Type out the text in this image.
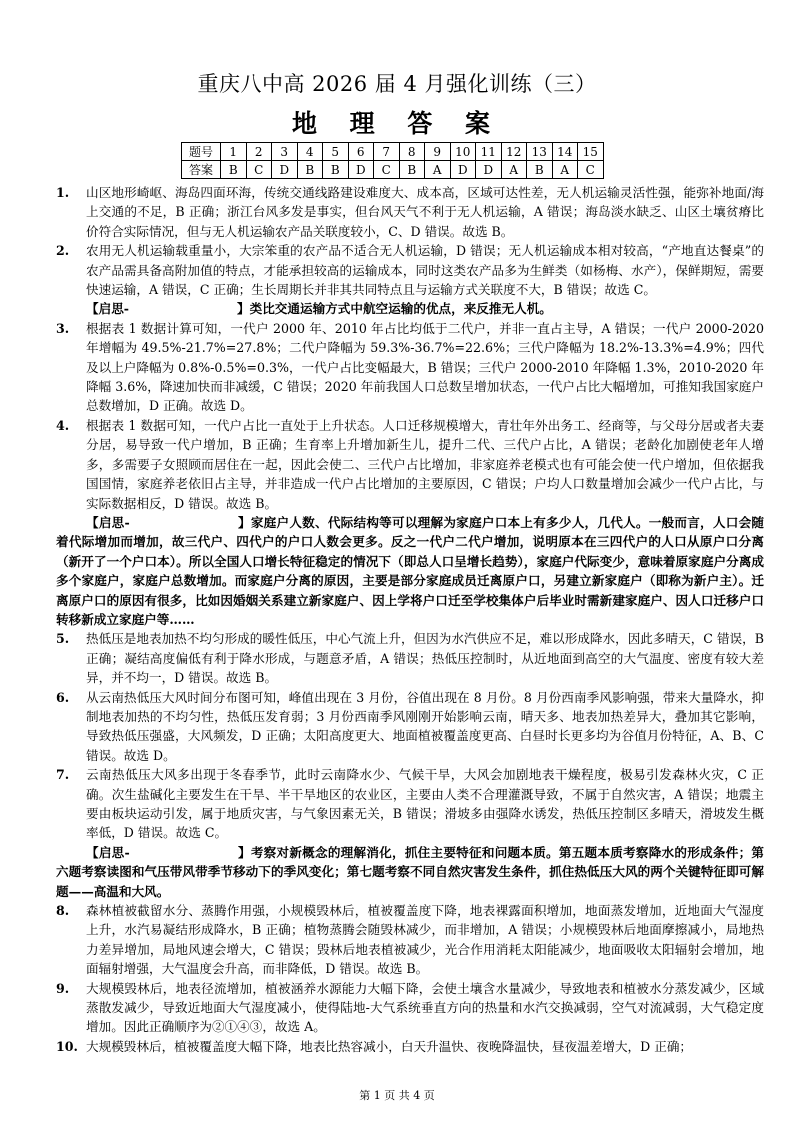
重庆八中高 2026 届 4 月强化训练（三）
地 理 答 案
题号	1	2	3	4	5	6	7	8	9	10	11	12	13	14	15
答案	B	C	D	B	B	D	C	B	A	D	D	A	B	A	C
1. 山区地形崎岖、海岛四面环海，传统交通线路建设难度大、成本高，区域可达性差，无人机运输灵活性强，能弥补地面/海上交通的不足，B 正确；浙江台风多发是事实，但台风天气不利于无人机运输，A 错误；海岛淡水缺乏、山区土壤贫瘠比价符合实际情况，但与无人机运输农产品关联度较小，C、D 错误。故选 B。
2. 农用无人机运输载重量小，大宗笨重的农产品不适合无人机运输，D 错误；无人机运输成本相对较高，“产地直达餐桌”的农产品需具备高附加值的特点，才能承担较高的运输成本，同时这类农产品多为生鲜类（如杨梅、水产），保鲜期短，需要快速运输，A 错误，C 正确；生长周期长并非其共同特点且与运输方式关联度不大，B 错误；故选 C。
【启思-	】类比交通运输方式中航空运输的优点，来反推无人机。
3. 根据表 1 数据计算可知，一代户 2000 年、2010 年占比均低于二代户，并非一直占主导，A 错误；一代户 2000-2020 年增幅为 49.5%-21.7%=27.8%；二代户降幅为 59.3%-36.7%=22.6%；三代户降幅为 18.2%-13.3%=4.9%；四代及以上户降幅为 0.8%-0.5%=0.3%，一代户占比变幅最大，B 错误；三代户 2000-2010 年降幅 1.3%，2010-2020 年降幅 3.6%，降速加快而非减缓，C 错误；2020 年前我国人口总数呈增加状态，一代户占比大幅增加，可推知我国家庭户总数增加，D 正确。故选 D。
4. 根据表 1 数据可知，一代户占比一直处于上升状态。人口迁移规模增大，青壮年外出务工、经商等，与父母分居或者夫妻分居，易导致一代户增加，B 正确；生育率上升增加新生儿，提升二代、三代户占比，A 错误；老龄化加剧使老年人增多，多需要子女照顾而居住在一起，因此会使二、三代户占比增加，非家庭养老模式也有可能会使一代户增加，但依据我国国情，家庭养老依旧占主导，并非造成一代户占比增加的主要原因，C 错误；户均人口数量增加会减少一代户占比，与实际数据相反，D 错误。故选 B。
【启思-	】家庭户人数、代际结构等可以理解为家庭户口本上有多少人，几代人。一般而言，人口会随着代际增加而增加，故三代户、四代户的户口人数会更多。反之一代户二代户增加，说明原本在三四代户的人口从原户口分离（新开了一个户口本）。所以全国人口增长特征稳定的情况下（即总人口呈增长趋势），家庭户代际变少，意味着原家庭户分离成多个家庭户，家庭户总数增加。而家庭户分离的原因，主要是部分家庭成员迁离原户口，另建立新家庭户（即称为新户主）。迁离原户口的原因有很多，比如因婚姻关系建立新家庭户、因上学将户口迁至学校集体户后毕业时需新建家庭户、因人口迁移户口转移新成立家庭户等……
5. 热低压是地表加热不均匀形成的暖性低压，中心气流上升，但因为水汽供应不足，难以形成降水，因此多晴天，C 错误，B 正确；凝结高度偏低有利于降水形成，与题意矛盾，A 错误；热低压控制时，从近地面到高空的大气温度、密度有较大差异，并不均一，D 错误。故选 B。
6. 从云南热低压大风时间分布图可知，峰值出现在 3 月份，谷值出现在 8 月份。8 月份西南季风影响强，带来大量降水，抑制地表加热的不均匀性，热低压发育弱；3 月份西南季风刚刚开始影响云南，晴天多、地表加热差异大，叠加其它影响，导致热低压强盛，大风频发，D 正确；太阳高度更大、地面植被覆盖度更高、白昼时长更多均为谷值月份特征，A、B、C 错误。故选 D。
7. 云南热低压大风多出现于冬春季节，此时云南降水少、气候干旱，大风会加剧地表干燥程度，极易引发森林火灾，C 正确。次生盐碱化主要发生在干旱、半干旱地区的农业区，主要由人类不合理灌溉导致，不属于自然灾害，A 错误；地震主要由板块运动引发，属于地质灾害，与气象因素无关，B 错误；滑坡多由强降水诱发，热低压控制区多晴天，滑坡发生概率低，D 错误。故选 C。
【启思-	】考察对新概念的理解消化，抓住主要特征和问题本质。第五题本质考察降水的形成条件；第六题考察读图和气压带风带季节移动下的季风变化；第七题考察不同自然灾害发生条件，抓住热低压大风的两个关键特征即可解题——高温和大风。
8. 森林植被截留水分、蒸腾作用强，小规模毁林后，植被覆盖度下降，地表裸露面积增加，地面蒸发增加，近地面大气湿度上升，水汽易凝结形成降水，B 正确；植物蒸腾会随毁林减少，而非增加，A 错误；小规模毁林后地面摩擦减小，局地热力差异增加，局地风速会增大，C 错误；毁林后地表植被减少，光合作用消耗太阳能减少，地面吸收太阳辐射会增加，地面辐射增强，大气温度会升高，而非降低，D 错误。故选 B。
9. 大规模毁林后，地表径流增加，植被涵养水源能力大幅下降，会使土壤含水量减少，导致地表和植被水分蒸发减少，区域蒸散发减少，导致近地面大气湿度减小，使得陆地-大气系统垂直方向的热量和水汽交换减弱，空气对流减弱，大气稳定度增加。因此正确顺序为②①④③，故选 A。
10. 大规模毁林后，植被覆盖度大幅下降，地表比热容减小，白天升温快、夜晚降温快，昼夜温差增大，D 正确；
第 1 页 共 4 页
